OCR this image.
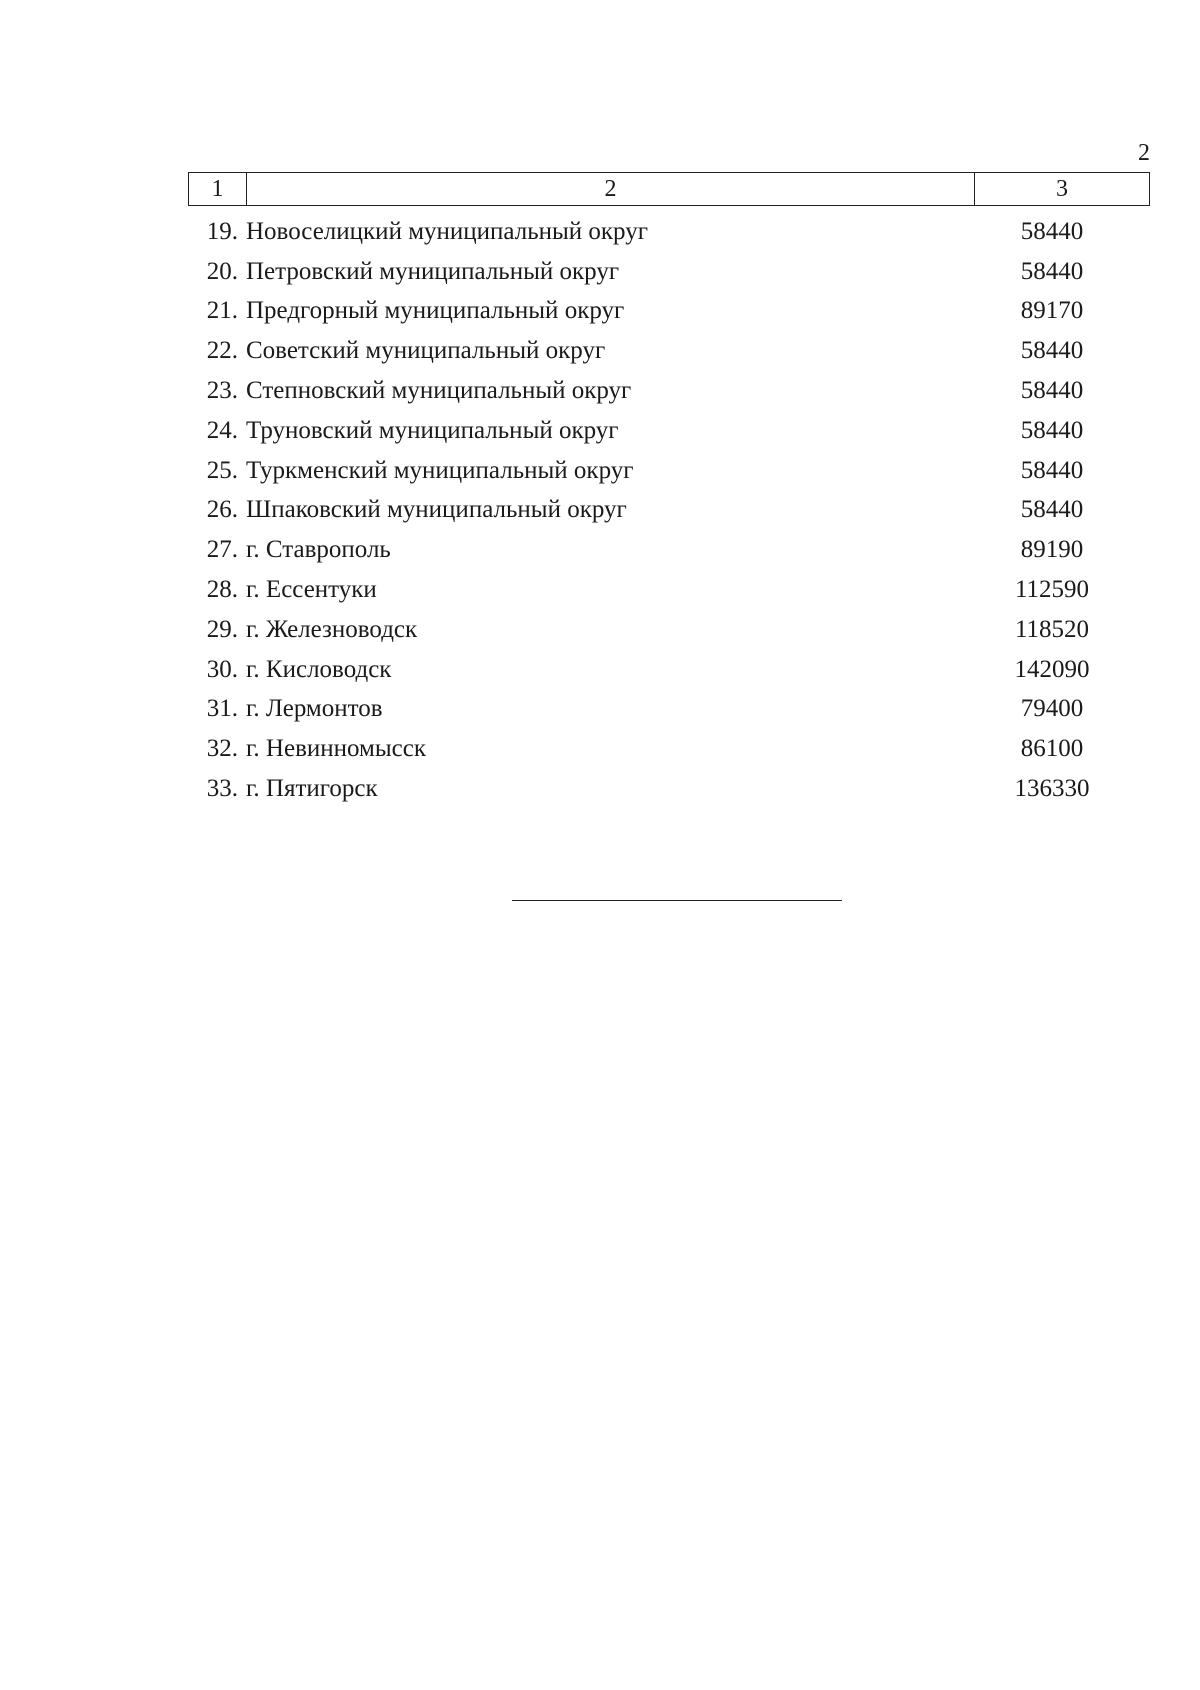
2
1	2	3
19. Новоселицкий муниципальный округ	58440
20. Петровский муниципальный округ	58440
21. Предгорный муниципальный округ	89170
22. Советский муниципальный округ	58440
23. Степновский муниципальный округ	58440
24. Труновский муниципальный округ	58440
25. Туркменский муниципальный округ	58440
26. Шпаковский муниципальный округ	58440
27. г. Ставрополь	89190
28. г. Ессентуки	112590
29. г. Железноводск	118520
30. г. Кисловодск	142090
31. г. Лермонтов	79400
32. г. Невинномысск	86100
33. г. Пятигорск	136330
